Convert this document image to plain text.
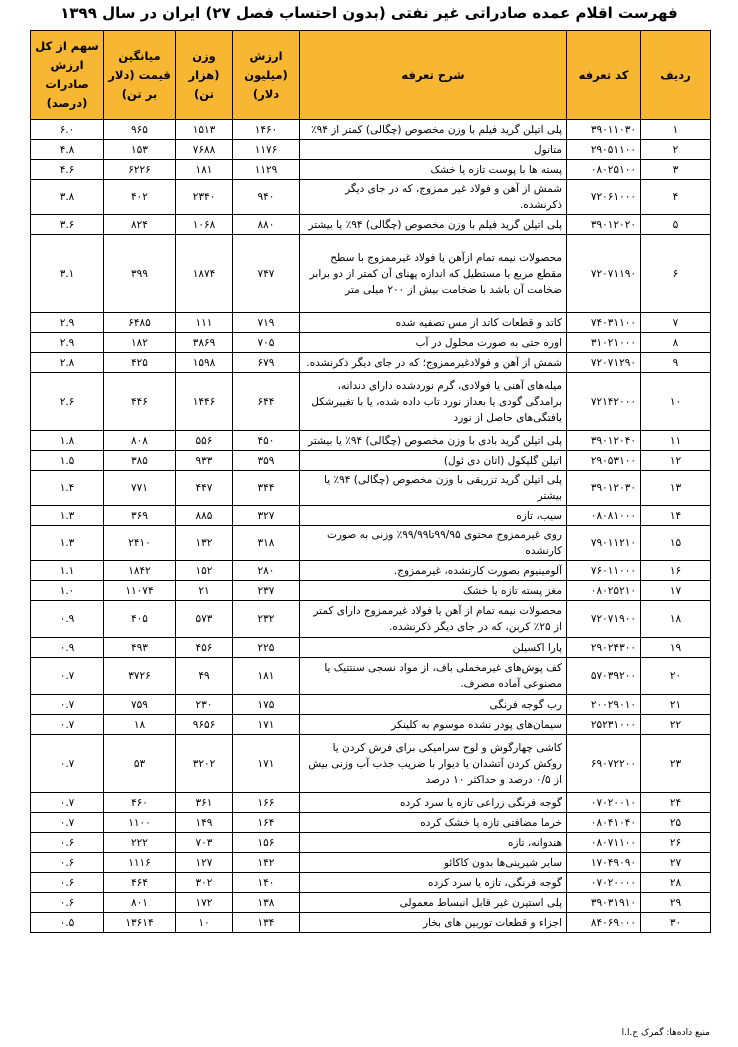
فهرست اقلام عمده صادراتی غیر نفتی (بدون احتساب فصل ۲۷) ایران در سال ۱۳۹۹
ردیف	کد تعرفه	شرح تعرفه	ارزش (میلیون دلار)	وزن (هزار تن)	میانگین قیمت (دلار بر تن)	سهم از کل ارزش صادرات (درصد)
۱	۳۹۰۱۱۰۳۰	پلی اتیلن گرید فیلم با وزن مخصوص (چگالی) کمتر از ۹۴٪	۱۴۶۰	۱۵۱۳	۹۶۵	۶.۰
۲	۲۹۰۵۱۱۰۰	متانول	۱۱۷۶	۷۶۸۸	۱۵۳	۴.۸
۳	۰۸۰۲۵۱۰۰	پسته ها با پوست تازه یا خشک	۱۱۲۹	۱۸۱	۶۲۲۶	۴.۶
۴	۷۲۰۶۱۰۰۰	شمش از آهن و فولاد غیر ممزوج، که در جای دیگر ذکرنشده.	۹۴۰	۲۳۴۰	۴۰۲	۳.۸
۵	۳۹۰۱۲۰۲۰	پلی اتیلن گرید فیلم با وزن مخصوص (چگالی) ۹۴٪ یا بیشتر	۸۸۰	۱۰۶۸	۸۲۴	۳.۶
۶	۷۲۰۷۱۱۹۰	محصولات نیمه تمام ازآهن یا فولاد غیرممزوج با سطح مقطع مربع یا مستطیل که اندازه پهنای آن کمتر از دو برابر ضخامت آن باشد با ضخامت بیش از ۲۰۰ میلی متر	۷۴۷	۱۸۷۴	۳۹۹	۳.۱
۷	۷۴۰۳۱۱۰۰	کاتد و قطعات کاتد از مس تصفیه شده	۷۱۹	۱۱۱	۶۴۸۵	۲.۹
۸	۳۱۰۲۱۰۰۰	اوره حتی به صورت محلول در آب	۷۰۵	۳۸۶۹	۱۸۲	۲.۹
۹	۷۲۰۷۱۲۹۰	شمش از آهن و فولادغیرممزوج؛ که در جای دیگر ذکرنشده.	۶۷۹	۱۵۹۸	۴۲۵	۲.۸
۱۰	۷۲۱۴۲۰۰۰	میله‌های آهنی یا فولادی، گرم نوردشده دارای دندانه، برامدگی گودی یا بعداز نورد تاب داده شده، یا با تغییرشکل یافتگی‌های حاصل از نورد	۶۴۴	۱۴۴۶	۴۴۶	۲.۶
۱۱	۳۹۰۱۲۰۴۰	پلی اتیلن گرید بادی با وزن مخصوص (چگالی) ۹۴٪ یا بیشتر	۴۵۰	۵۵۶	۸۰۸	۱.۸
۱۲	۲۹۰۵۳۱۰۰	اتیلن گلیکول (اتان دی ئول)	۳۵۹	۹۳۳	۳۸۵	۱.۵
۱۳	۳۹۰۱۲۰۳۰	پلی اتیلن گرید تزریقی با وزن مخصوص (چگالی) ۹۴٪ یا بیشتر	۳۴۴	۴۴۷	۷۷۱	۱.۴
۱۴	۰۸۰۸۱۰۰۰	سیب، تازه	۳۲۷	۸۸۵	۳۶۹	۱.۳
۱۵	۷۹۰۱۱۲۱۰	روی غیرممزوج محتوی ۹۹/۹۵تا۹۹/۹۹٪ وزنی به صورت کارنشده	۳۱۸	۱۳۲	۲۴۱۰	۱.۳
۱۶	۷۶۰۱۱۰۰۰	آلومینیوم بصورت کارنشده، غیرممزوج.	۲۸۰	۱۵۲	۱۸۴۲	۱.۱
۱۷	۰۸۰۲۵۲۱۰	مغز پسته تازه یا خشک	۲۳۷	۲۱	۱۱۰۷۴	۱.۰
۱۸	۷۲۰۷۱۹۰۰	محصولات نیمه تمام از آهن یا فولاد غیرممزوج دارای کمتر از ۲۵٪ کربن، که در جای دیگر ذکرنشده.	۲۳۲	۵۷۳	۴۰۵	۰.۹
۱۹	۲۹۰۲۴۳۰۰	پارا اکسیلن	۲۲۵	۴۵۶	۴۹۳	۰.۹
۲۰	۵۷۰۳۹۲۰۰	کف پوش‌های غیرمخملی باف، از مواد نسجی سنتتیک یا مصنوعی آماده مصرف.	۱۸۱	۴۹	۳۷۲۶	۰.۷
۲۱	۲۰۰۲۹۰۱۰	رب گوجه فرنگی	۱۷۵	۲۳۰	۷۵۹	۰.۷
۲۲	۲۵۲۳۱۰۰۰	سیمان‌های پودر نشده موسوم به کلینکر	۱۷۱	۹۶۵۶	۱۸	۰.۷
۲۳	۶۹۰۷۲۲۰۰	کاشی چهارگوش و لوح سرامیکی برای فرش کردن یا روکش کردن آتشدان یا دیوار با ضریب جذب آب وزنی بیش از ۰/۵ درصد و حداکثر ۱۰ درصد	۱۷۱	۳۲۰۲	۵۳	۰.۷
۲۴	۰۷۰۲۰۰۱۰	گوجه فرنگی زراعی تازه یا سرد کرده	۱۶۶	۳۶۱	۴۶۰	۰.۷
۲۵	۰۸۰۴۱۰۴۰	خرما مضافتی تازه یا خشک کرده	۱۶۴	۱۴۹	۱۱۰۰	۰.۷
۲۶	۰۸۰۷۱۱۰۰	هندوانه، تازه	۱۵۶	۷۰۳	۲۲۲	۰.۶
۲۷	۱۷۰۴۹۰۹۰	سایر شیرینی‌ها بدون کاکائو	۱۴۲	۱۲۷	۱۱۱۶	۰.۶
۲۸	۰۷۰۲۰۰۰۰	گوجه فرنگی، تازه یا سرد کرده	۱۴۰	۳۰۲	۴۶۴	۰.۶
۲۹	۳۹۰۳۱۹۱۰	پلی استیرن غیر قابل انبساط معمولی	۱۳۸	۱۷۲	۸۰۱	۰.۶
۳۰	۸۴۰۶۹۰۰۰	اجزاء و قطعات توربین های بخار	۱۳۴	۱۰	۱۳۶۱۴	۰.۵
منبع داده‌ها: گمرک ج.ا.ا
